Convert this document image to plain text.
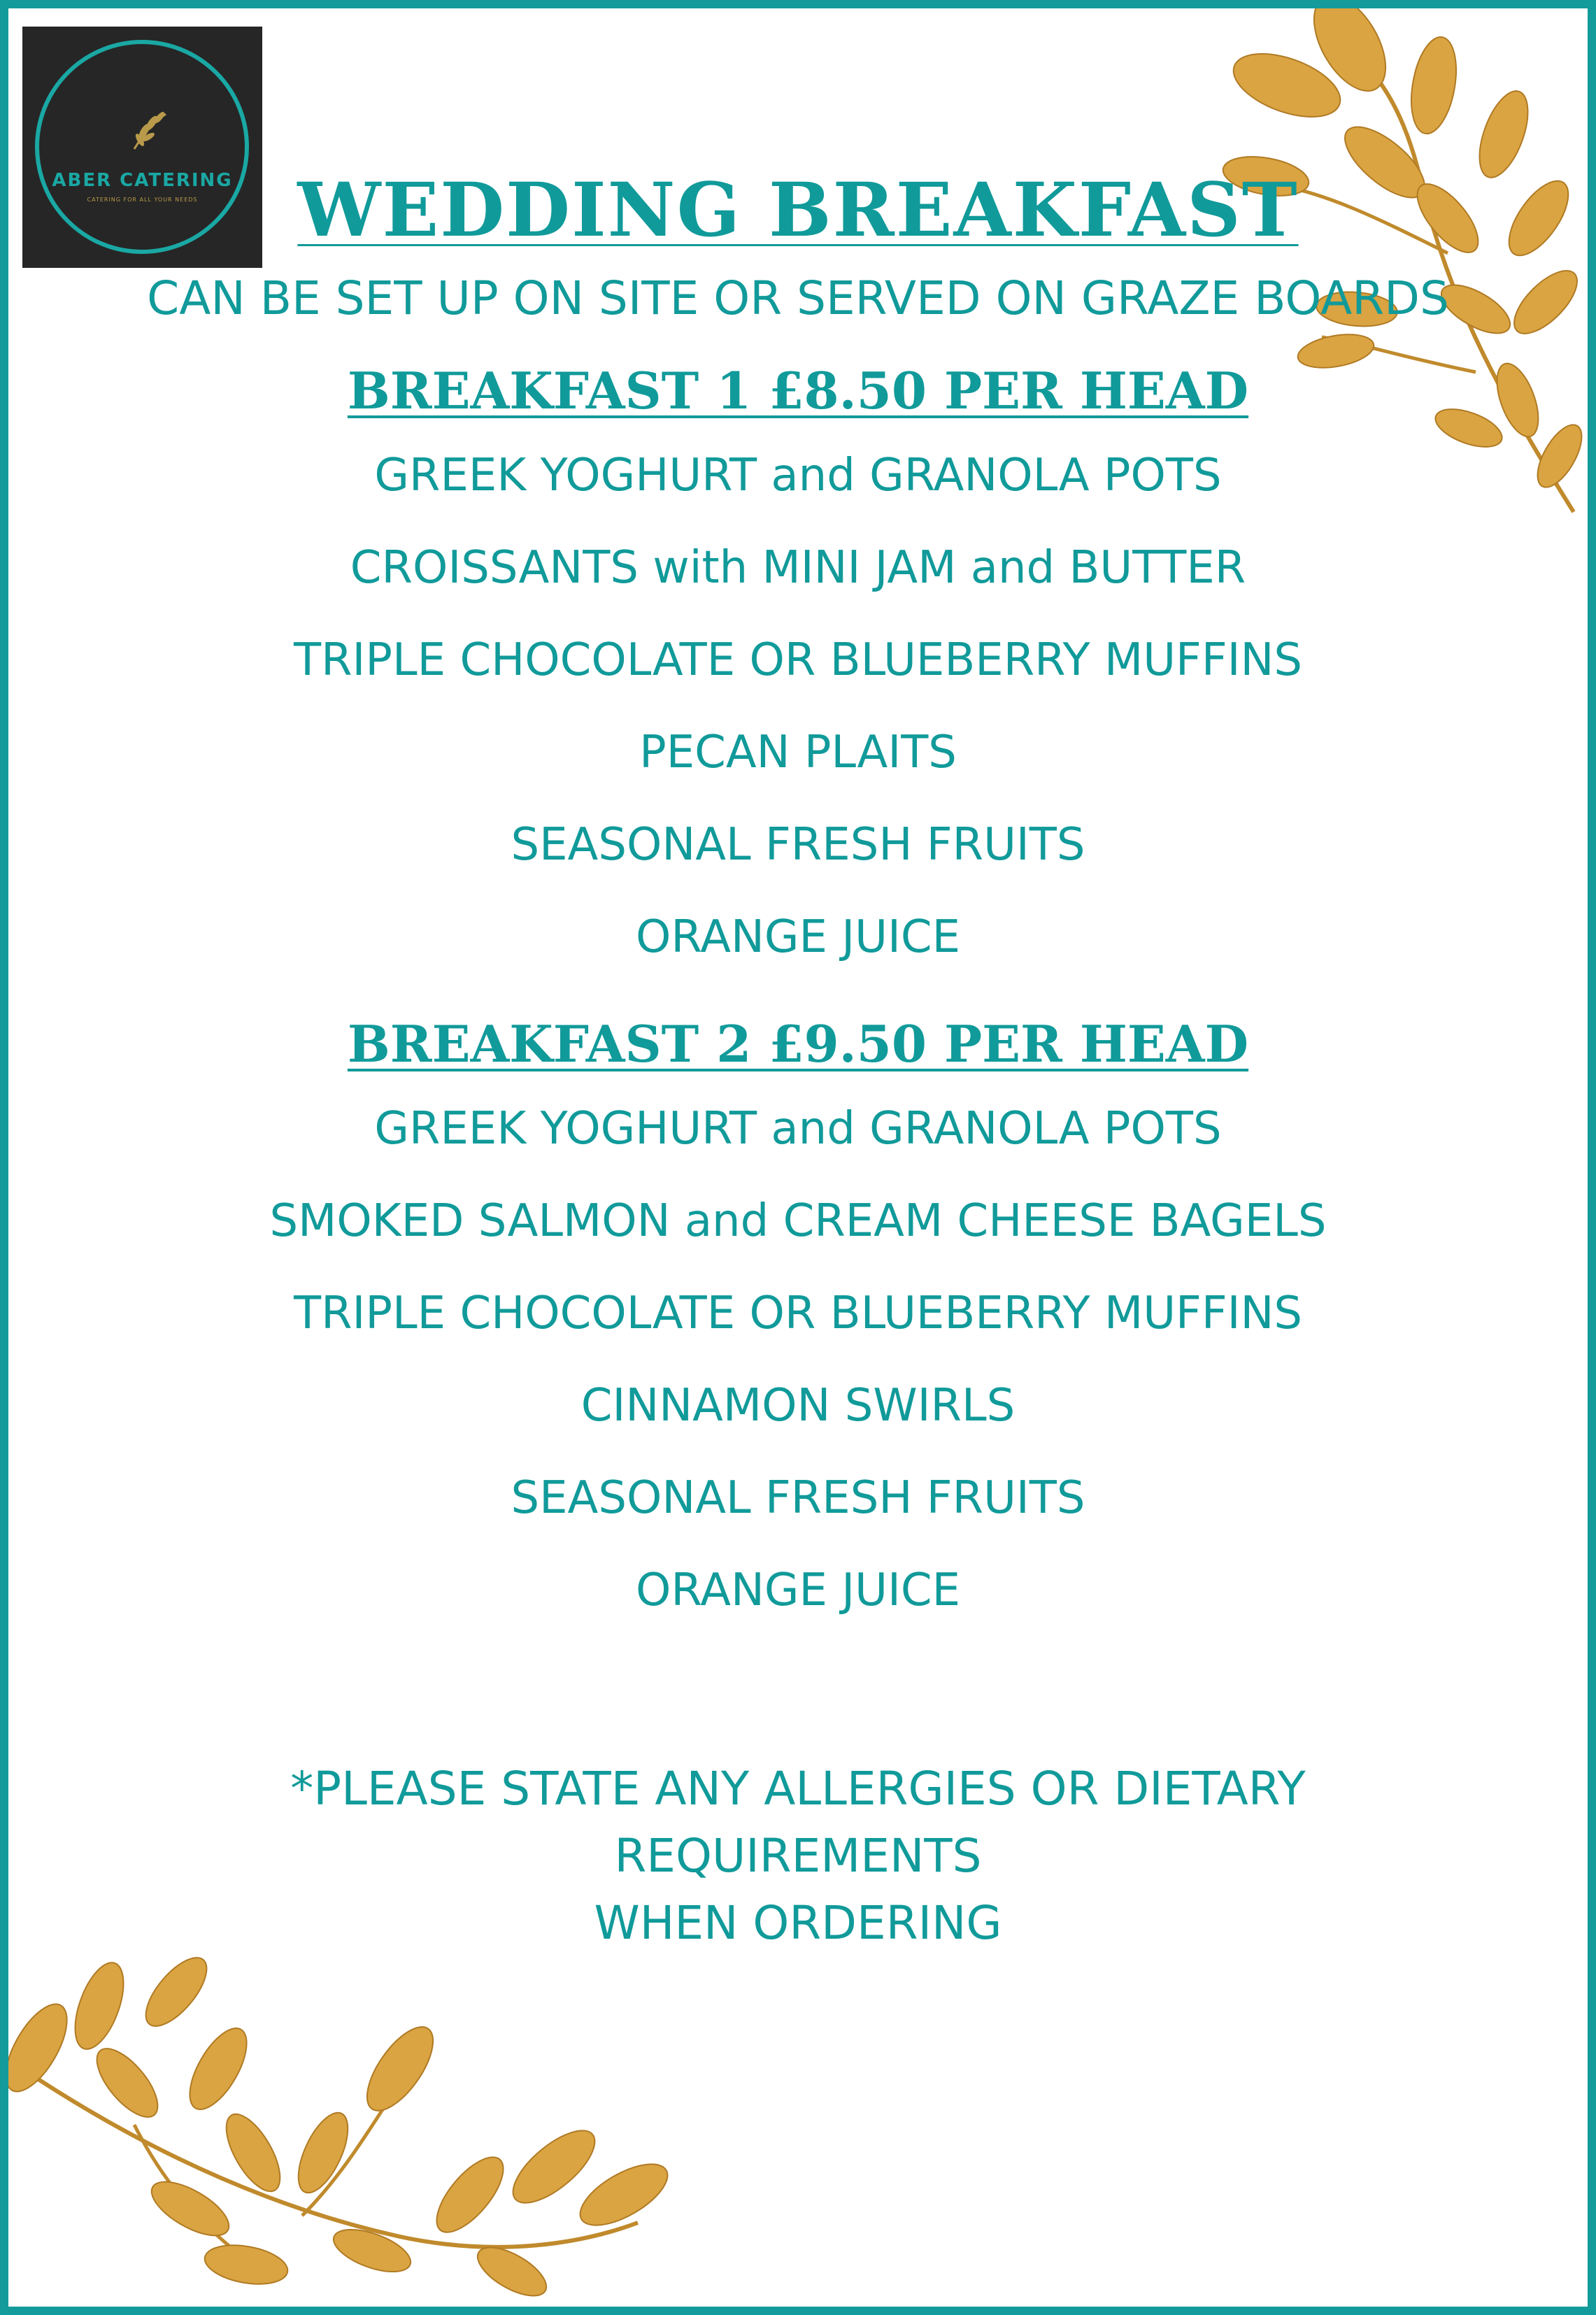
ABER CATERING
CATERING FOR ALL YOUR NEEDS	WEDDING BREAKFAST
CAN BE SET UP ON SITE OR SERVED ON GRAZE BOARDS
BREAKFAST 1 £8.50 PER HEAD
GREEK YOGHURT and GRANOLA POTS
CROISSANTS with MINI JAM and BUTTER
TRIPLE CHOCOLATE OR BLUEBERRY MUFFINS
PECAN PLAITS
SEASONAL FRESH FRUITS
ORANGE JUICE
BREAKFAST 2 £9.50 PER HEAD
GREEK YOGHURT and GRANOLA POTS
SMOKED SALMON and CREAM CHEESE BAGELS
TRIPLE CHOCOLATE OR BLUEBERRY MUFFINS
CINNAMON SWIRLS
SEASONAL FRESH FRUITS
ORANGE JUICE
*PLEASE STATE ANY ALLERGIES OR DIETARY REQUIREMENTS
WHEN ORDERING
